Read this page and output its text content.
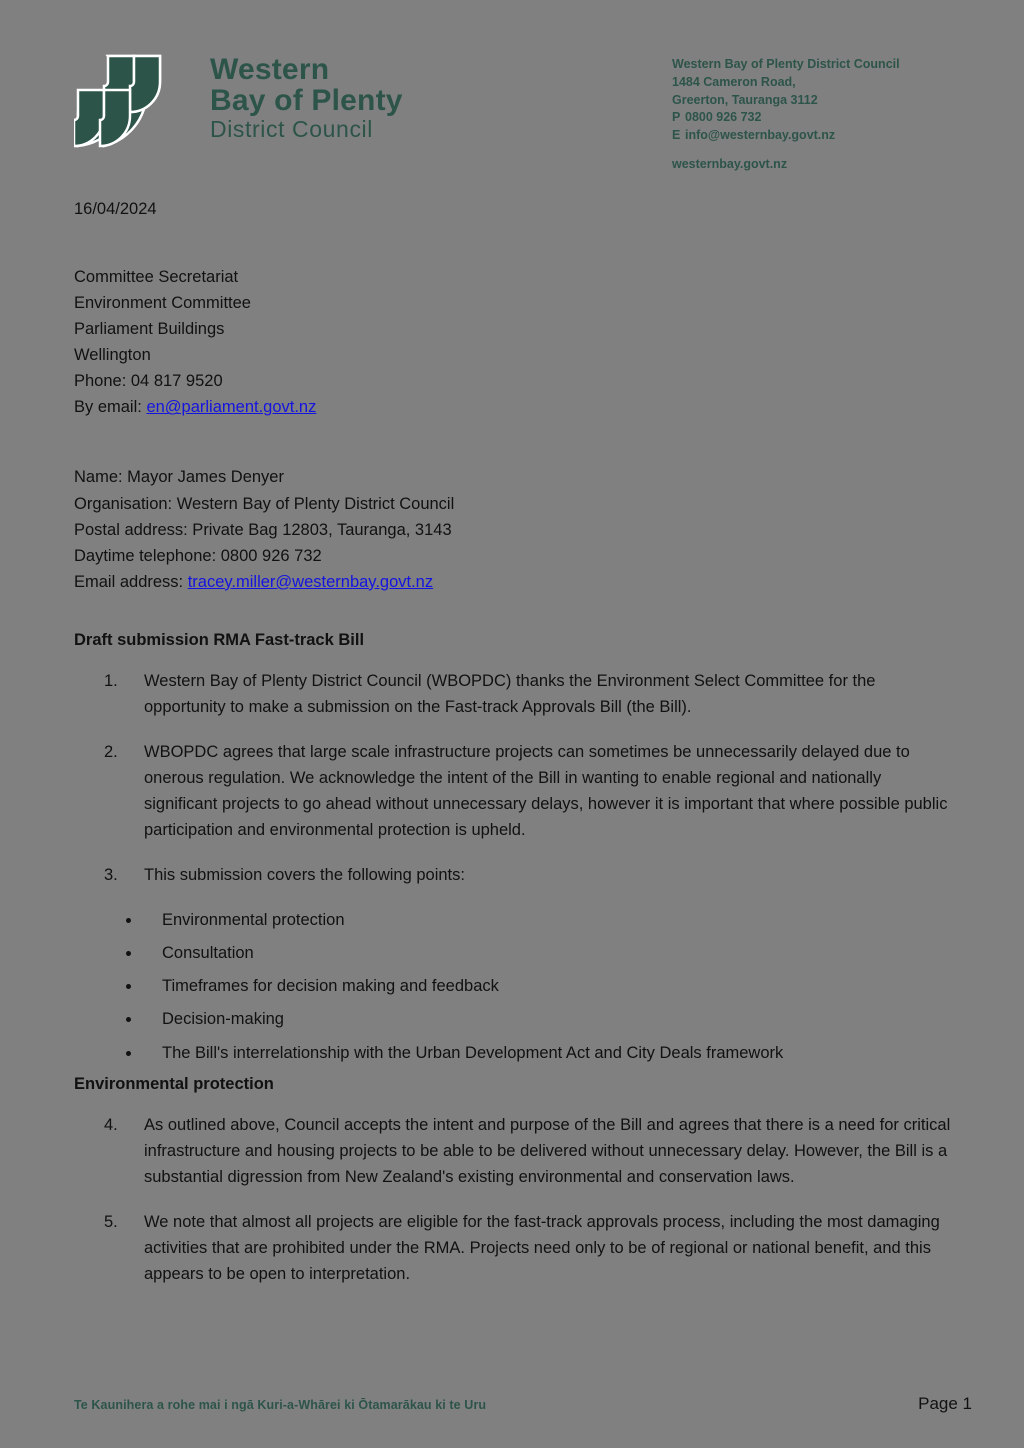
Western
Bay of Plenty
District Council
Western Bay of Plenty District Council
1484 Cameron Road,
Greerton, Tauranga 3112
P 0800 926 732
E info@westernbay.govt.nz
westernbay.govt.nz
16/04/2024
Committee Secretariat
Environment Committee
Parliament Buildings
Wellington
Phone: 04 817 9520
By email: en@parliament.govt.nz
Name: Mayor James Denyer
Organisation: Western Bay of Plenty District Council
Postal address: Private Bag 12803, Tauranga, 3143
Daytime telephone: 0800 926 732
Email address: tracey.miller@westernbay.govt.nz
Draft submission RMA Fast-track Bill
1.	Western Bay of Plenty District Council (WBOPDC) thanks the Environment Select Committee for the opportunity to make a submission on the Fast-track Approvals Bill (the Bill).
2.	WBOPDC agrees that large scale infrastructure projects can sometimes be unnecessarily delayed due to onerous regulation. We acknowledge the intent of the Bill in wanting to enable regional and nationally significant projects to go ahead without unnecessary delays, however it is important that where possible public participation and environmental protection is upheld.
3.	This submission covers the following points:
Environmental protection
Consultation
Timeframes for decision making and feedback
Decision-making
The Bill's interrelationship with the Urban Development Act and City Deals framework
Environmental protection
4.	As outlined above, Council accepts the intent and purpose of the Bill and agrees that there is a need for critical infrastructure and housing projects to be able to be delivered without unnecessary delay. However, the Bill is a substantial digression from New Zealand's existing environmental and conservation laws.
5.	We note that almost all projects are eligible for the fast-track approvals process, including the most damaging activities that are prohibited under the RMA. Projects need only to be of regional or national benefit, and this appears to be open to interpretation.
Te Kaunihera a rohe mai i ngā Kuri-a-Whārei ki Ōtamarākau ki te Uru	Page 1
